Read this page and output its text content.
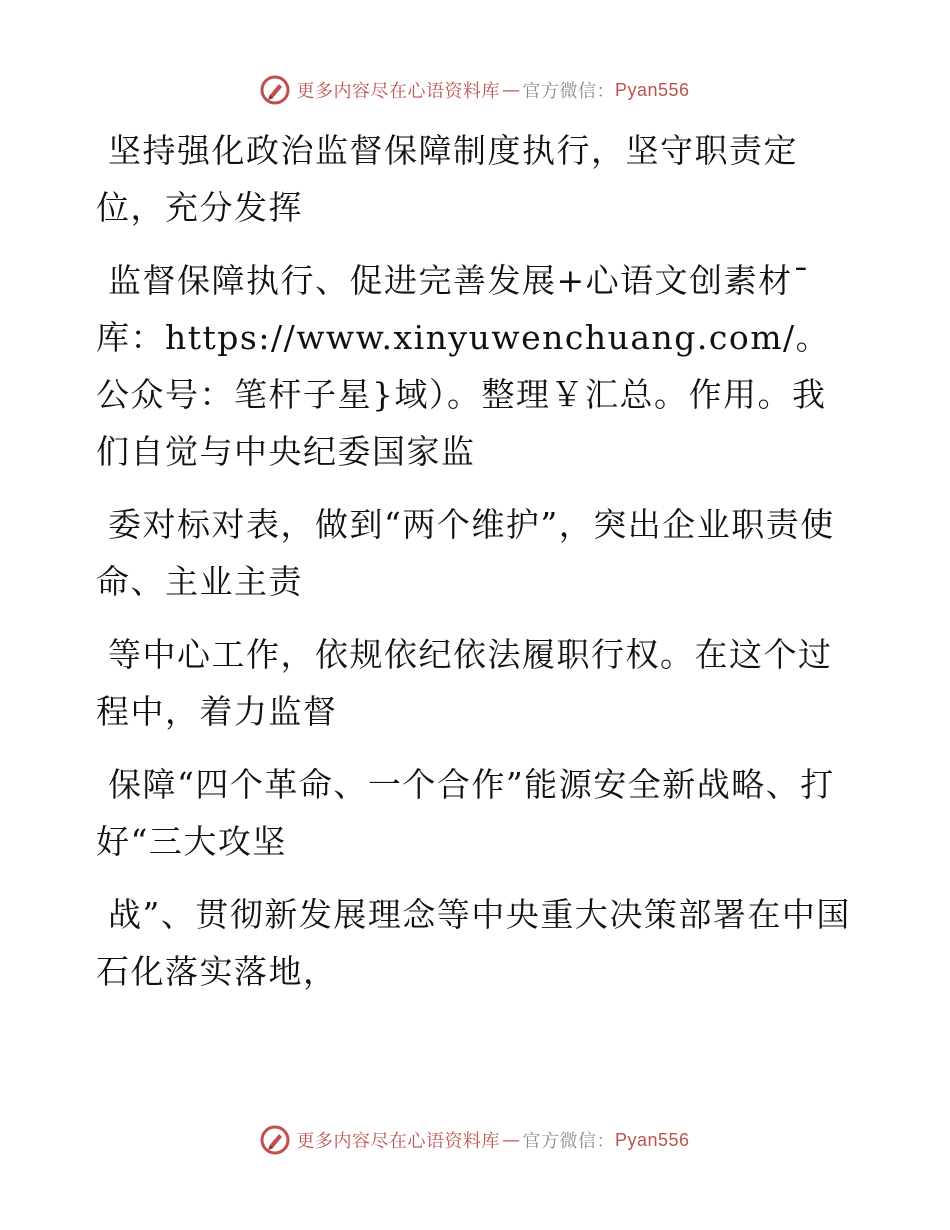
更多内容尽在心语资料库 — 官方微信： Pyan556

坚持强化政治监督保障制度执行，坚守职责定位，充分发挥

监督保障执行、促进完善发展+心语文创素材¯库：https://www.xinyuwenchuang.com/。公众号：笔杆子星}域）。整理￥汇总。作用。我们自觉与中央纪委国家监

委对标对表，做到“两个维护”，突出企业职责使命、主业主责

等中心工作，依规依纪依法履职行权。在这个过程中，着力监督

保障“四个革命、一个合作”能源安全新战略、打好“三大攻坚

战”、贯彻新发展理念等中央重大决策部署在中国石化落实落地，

更多内容尽在心语资料库 — 官方微信： Pyan556
